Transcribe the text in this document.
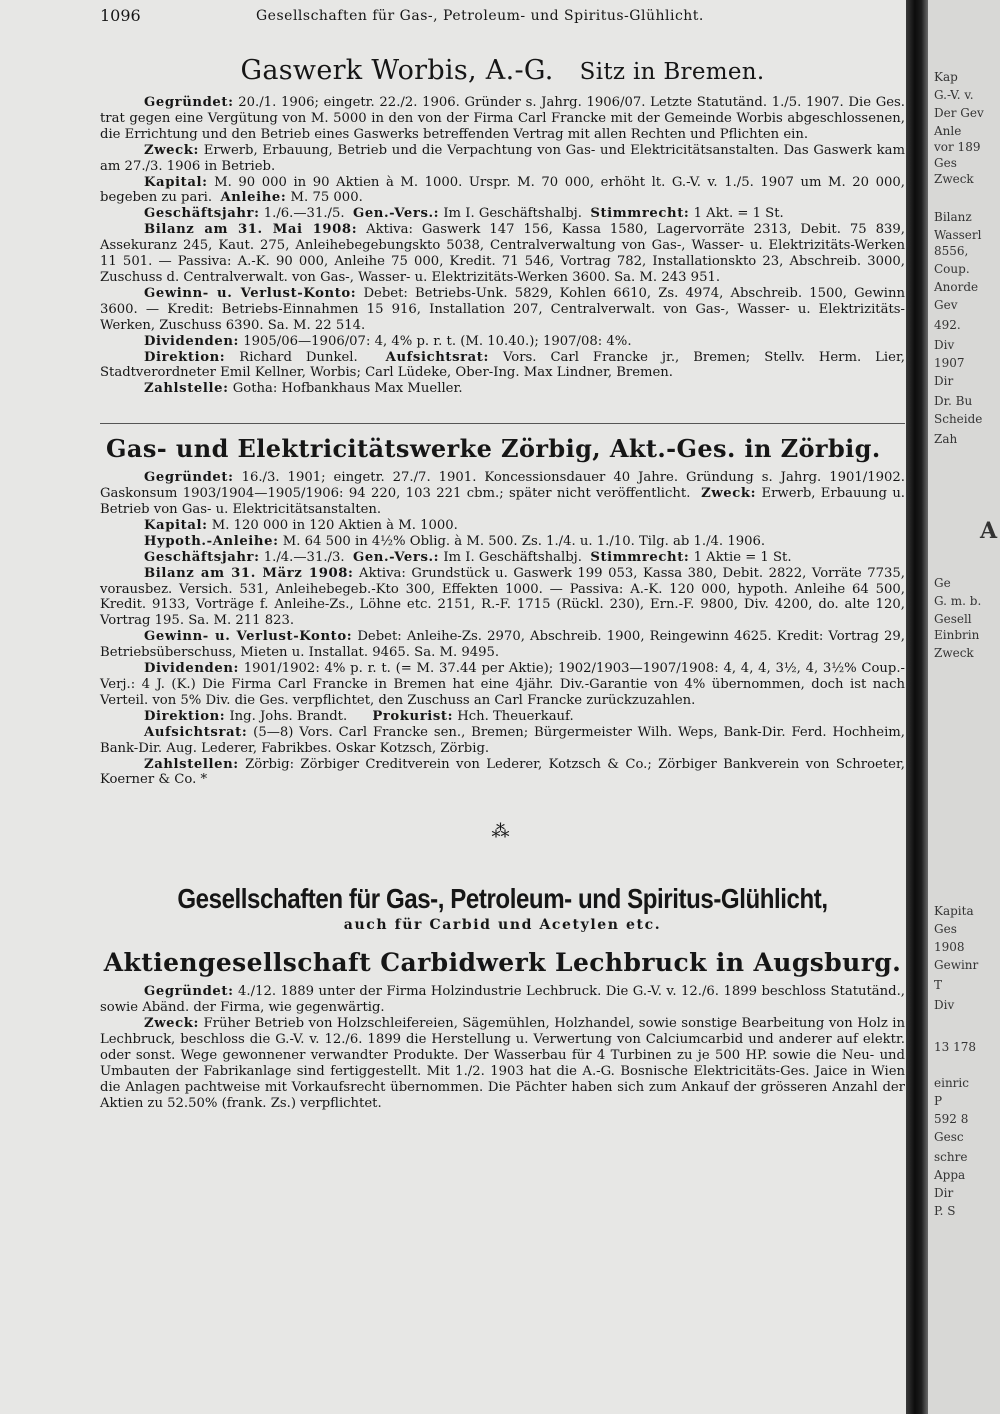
1096	Gesellschaften für Gas-, Petroleum- und Spiritus-Glühlicht.
Gaswerk Worbis, A.-G. Sitz in Bremen.

Gegründet: 20./1. 1906; eingetr. 22./2. 1906. Gründer s. Jahrg. 1906/07. Letzte Statutänd. 1./5. 1907. Die Ges. trat gegen eine Vergütung von M. 5000 in den von der Firma Carl Francke mit der Gemeinde Worbis abgeschlossenen, die Errichtung und den Betrieb eines Gaswerks betreffenden Vertrag mit allen Rechten und Pflichten ein.

Zweck: Erwerb, Erbauung, Betrieb und die Verpachtung von Gas- und Elektricitätsanstalten. Das Gaswerk kam am 27./3. 1906 in Betrieb.

Kapital: M. 90 000 in 90 Aktien à M. 1000. Urspr. M. 70 000, erhöht lt. G.-V. v. 1./5. 1907 um M. 20 000, begeben zu pari. Anleihe: M. 75 000.

Geschäftsjahr: 1./6.—31./5. Gen.-Vers.: Im I. Geschäftshalbj. Stimmrecht: 1 Akt. = 1 St.

Bilanz am 31. Mai 1908: Aktiva: Gaswerk 147 156, Kassa 1580, Lagervorräte 2313, Debit. 75 839, Assekuranz 245, Kaut. 275, Anleihebegebungskto 5038, Centralverwaltung von Gas-, Wasser- u. Elektrizitäts-Werken 11 501. — Passiva: A.-K. 90 000, Anleihe 75 000, Kredit. 71 546, Vortrag 782, Installationskto 23, Abschreib. 3000, Zuschuss d. Centralverwalt. von Gas-, Wasser- u. Elektrizitäts-Werken 3600. Sa. M. 243 951.

Gewinn- u. Verlust-Konto: Debet: Betriebs-Unk. 5829, Kohlen 6610, Zs. 4974, Abschreib. 1500, Gewinn 3600. — Kredit: Betriebs-Einnahmen 15 916, Installation 207, Centralverwalt. von Gas-, Wasser- u. Elektrizitäts-Werken, Zuschuss 6390. Sa. M. 22 514.

Dividenden: 1905/06—1906/07: 4, 4% p. r. t. (M. 10.40.); 1907/08: 4%.

Direktion: Richard Dunkel. Aufsichtsrat: Vors. Carl Francke jr., Bremen; Stellv. Herm. Lier, Stadtverordneter Emil Kellner, Worbis; Carl Lüdeke, Ober-Ing. Max Lindner, Bremen.

Zahlstelle: Gotha: Hofbankhaus Max Mueller.

Gas- und Elektricitätswerke Zörbig, Akt.-Ges. in Zörbig.

Gegründet: 16./3. 1901; eingetr. 27./7. 1901. Koncessionsdauer 40 Jahre. Gründung s. Jahrg. 1901/1902. Gaskonsum 1903/1904—1905/1906: 94 220, 103 221 cbm.; später nicht veröffentlicht. Zweck: Erwerb, Erbauung u. Betrieb von Gas- u. Elektricitätsanstalten.

Kapital: M. 120 000 in 120 Aktien à M. 1000.

Hypoth.-Anleihe: M. 64 500 in 4½% Oblig. à M. 500. Zs. 1./4. u. 1./10. Tilg. ab 1./4. 1906.

Geschäftsjahr: 1./4.—31./3. Gen.-Vers.: Im I. Geschäftshalbj. Stimmrecht: 1 Aktie = 1 St.

Bilanz am 31. März 1908: Aktiva: Grundstück u. Gaswerk 199 053, Kassa 380, Debit. 2822, Vorräte 7735, vorausbez. Versich. 531, Anleihebegeb.-Kto 300, Effekten 1000. — Passiva: A.-K. 120 000, hypoth. Anleihe 64 500, Kredit. 9133, Vorträge f. Anleihe-Zs., Löhne etc. 2151, R.-F. 1715 (Rückl. 230), Ern.-F. 9800, Div. 4200, do. alte 120, Vortrag 195. Sa. M. 211 823.

Gewinn- u. Verlust-Konto: Debet: Anleihe-Zs. 2970, Abschreib. 1900, Reingewinn 4625. Kredit: Vortrag 29, Betriebsüberschuss, Mieten u. Installat. 9465. Sa. M. 9495.

Dividenden: 1901/1902: 4% p. r. t. (= M. 37.44 per Aktie); 1902/1903—1907/1908: 4, 4, 4, 3½, 4, 3½% Coup.-Verj.: 4 J. (K.) Die Firma Carl Francke in Bremen hat eine 4jähr. Div.-Garantie von 4% übernommen, doch ist nach Verteil. von 5% Div. die Ges. verpflichtet, den Zuschuss an Carl Francke zurückzuzahlen.

Direktion: Ing. Johs. Brandt. Prokurist: Hch. Theuerkauf.

Aufsichtsrat: (5—8) Vors. Carl Francke sen., Bremen; Bürgermeister Wilh. Weps, Bank-Dir. Ferd. Hochheim, Bank-Dir. Aug. Lederer, Fabrikbes. Oskar Kotzsch, Zörbig.

Zahlstellen: Zörbig: Zörbiger Creditverein von Lederer, Kotzsch & Co.; Zörbiger Bankverein von Schroeter, Koerner & Co. *

⁂
Gesellschaften für Gas-, Petroleum- und Spiritus-Glühlicht,
auch für Carbid und Acetylen etc.
Aktiengesellschaft Carbidwerk Lechbruck in Augsburg.

Gegründet: 4./12. 1889 unter der Firma Holzindustrie Lechbruck. Die G.-V. v. 12./6. 1899 beschloss Statutänd., sowie Abänd. der Firma, wie gegenwärtig.

Zweck: Früher Betrieb von Holzschleifereien, Sägemühlen, Holzhandel, sowie sonstige Bearbeitung von Holz in Lechbruck, beschloss die G.-V. v. 12./6. 1899 die Herstellung u. Verwertung von Calciumcarbid und anderer auf elektr. oder sonst. Wege gewonnener verwandter Produkte. Der Wasserbau für 4 Turbinen zu je 500 HP. sowie die Neu- und Umbauten der Fabrikanlage sind fertiggestellt. Mit 1./2. 1903 hat die A.-G. Bosnische Elektricitäts-Ges. Jaice in Wien die Anlagen pachtweise mit Vorkaufsrecht übernommen. Die Pächter haben sich zum Ankauf der grösseren Anzahl der Aktien zu 52.50% (frank. Zs.) verpflichtet.

Kap
G.-V. v.
Der Gev
Anle
vor 189
Ges
Zweck
Bilanz
Wasserl
8556,
Coup.
Anorde
Gev
492.
Div
1907
Dir
Dr. Bu
Scheide
Zah
A
Ge
G. m. b.
Gesell
Einbrin
Zweck
Kapita
Ges
1908
Gewinr
T
Div
13 178
einric
P
592 8
Gesc
schre
Appa
Dir
P. S
